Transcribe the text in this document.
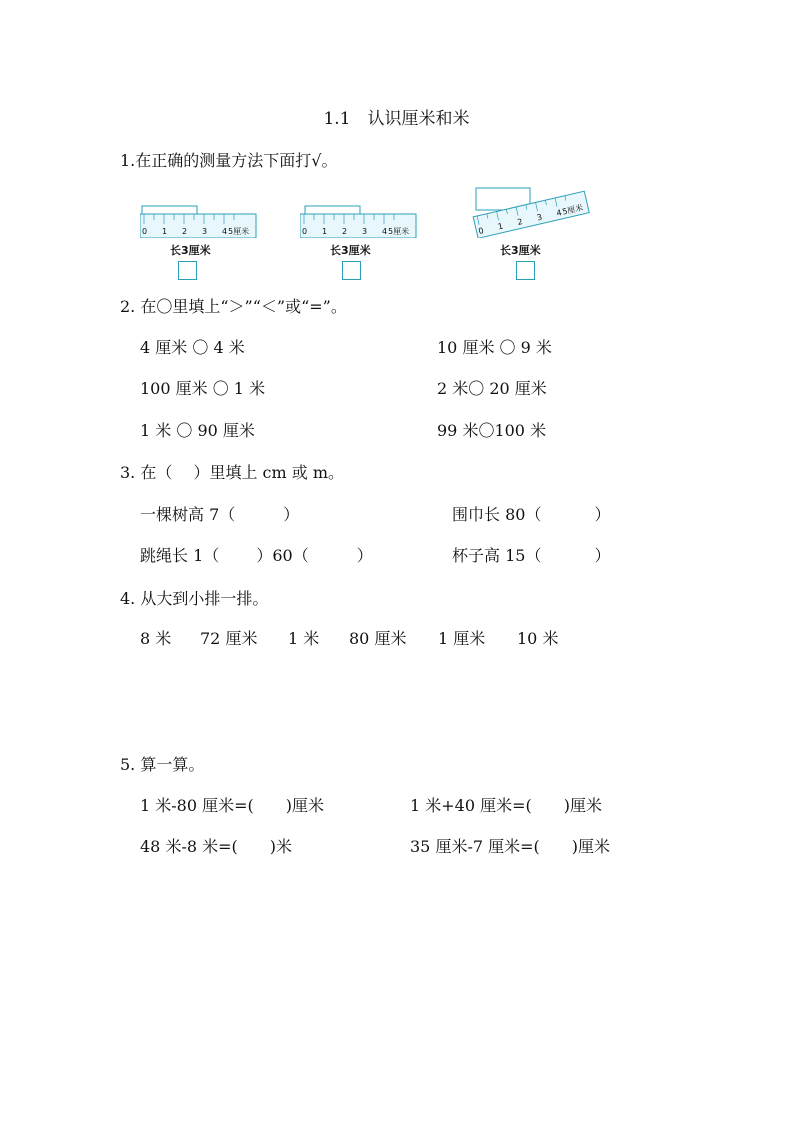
1.1　认识厘米和米
1.在正确的测量方法下面打√。
0 1 2 3 4 5厘米
长3厘米
0 1 2 3 4 5厘米
长3厘米
0 1 2 3 4
5厘米
长3厘米
2. 在〇里填上“＞”“＜”或“=”。
4 厘米 〇 4 米	10 厘米 〇 9 米
100 厘米 〇 1 米	2 米〇 20 厘米
1 米 〇 90 厘米	99 米〇100 米
3. 在（　 ）里填上 cm 或 m。
一棵树高 7（　　　）	围巾长 80（　　　 ）
跳绳长 1（　　 ）60（　　　）	杯子高 15（　　　 ）
4. 从大到小排一排。
8 米 72 厘米 1 米 80 厘米 1 厘米 10 米
5. 算一算。
1 米-80 厘米=(　　)厘米	1 米+40 厘米=(　　)厘米
48 米-8 米=(　　)米	35 厘米-7 厘米=(　　)厘米
